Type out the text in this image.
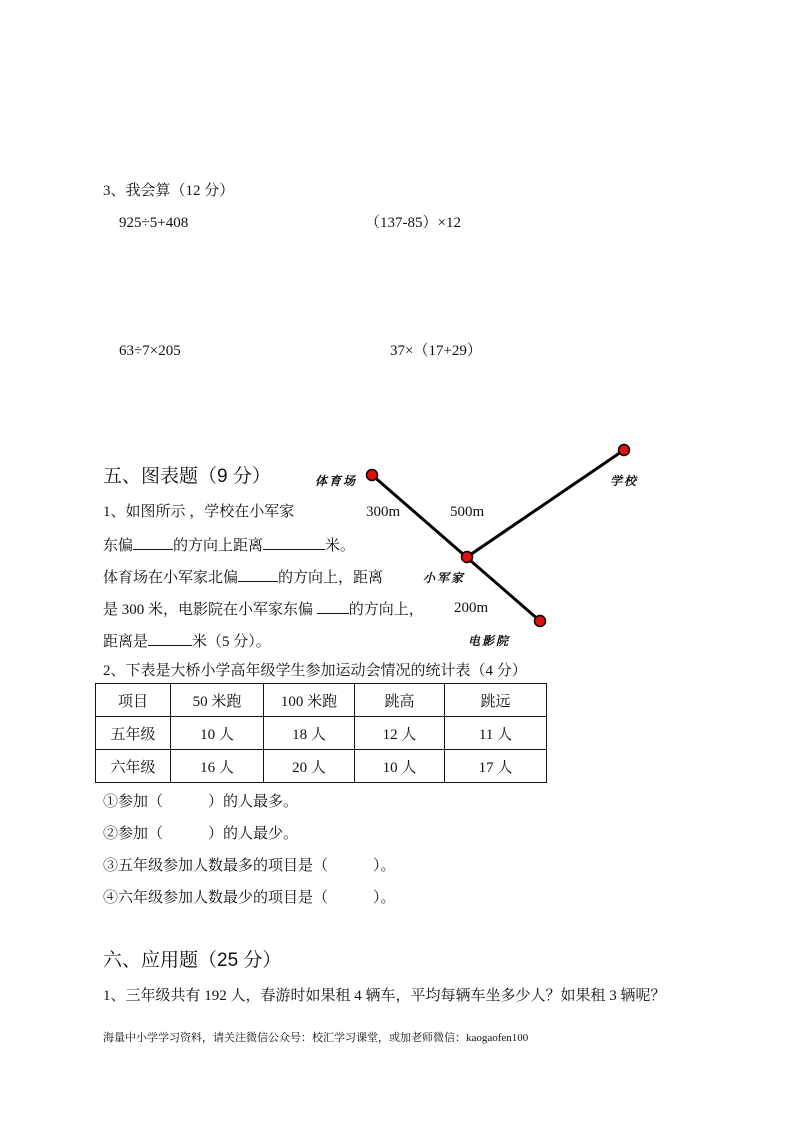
3、我会算（12 分）
925÷5+408	（137-85）×12
63÷7×205	37×（17+29）
五、图表题（9 分）	体育场	学校
小军家
电影院
300m	500m
200m
1、如图所示 ，学校在小军家
东偏	的方向上距离	米。
体育场在小军家北偏	的方向上，距离
是 300 米，电影院在小军家东偏 的方向上，
距离是	米（5 分）。
2、下表是大桥小学高年级学生参加运动会情况的统计表（4 分）
项目	50 米跑	100 米跑	跳高	跳远
五年级	10 人	18 人	12 人	11 人
六年级	16 人	20 人	10 人	17 人
①参加（　　　）的人最多。
②参加（　　　）的人最少。
③五年级参加人数最多的项目是（　　　）。
④六年级参加人数最少的项目是（　　　）。
六、应用题（25 分）
1、三年级共有 192 人，春游时如果租 4 辆车，平均每辆车坐多少人？如果租 3 辆呢？
海量中小学学习资料，请关注微信公众号：校汇学习课堂，或加老师微信：kaogaofen100
